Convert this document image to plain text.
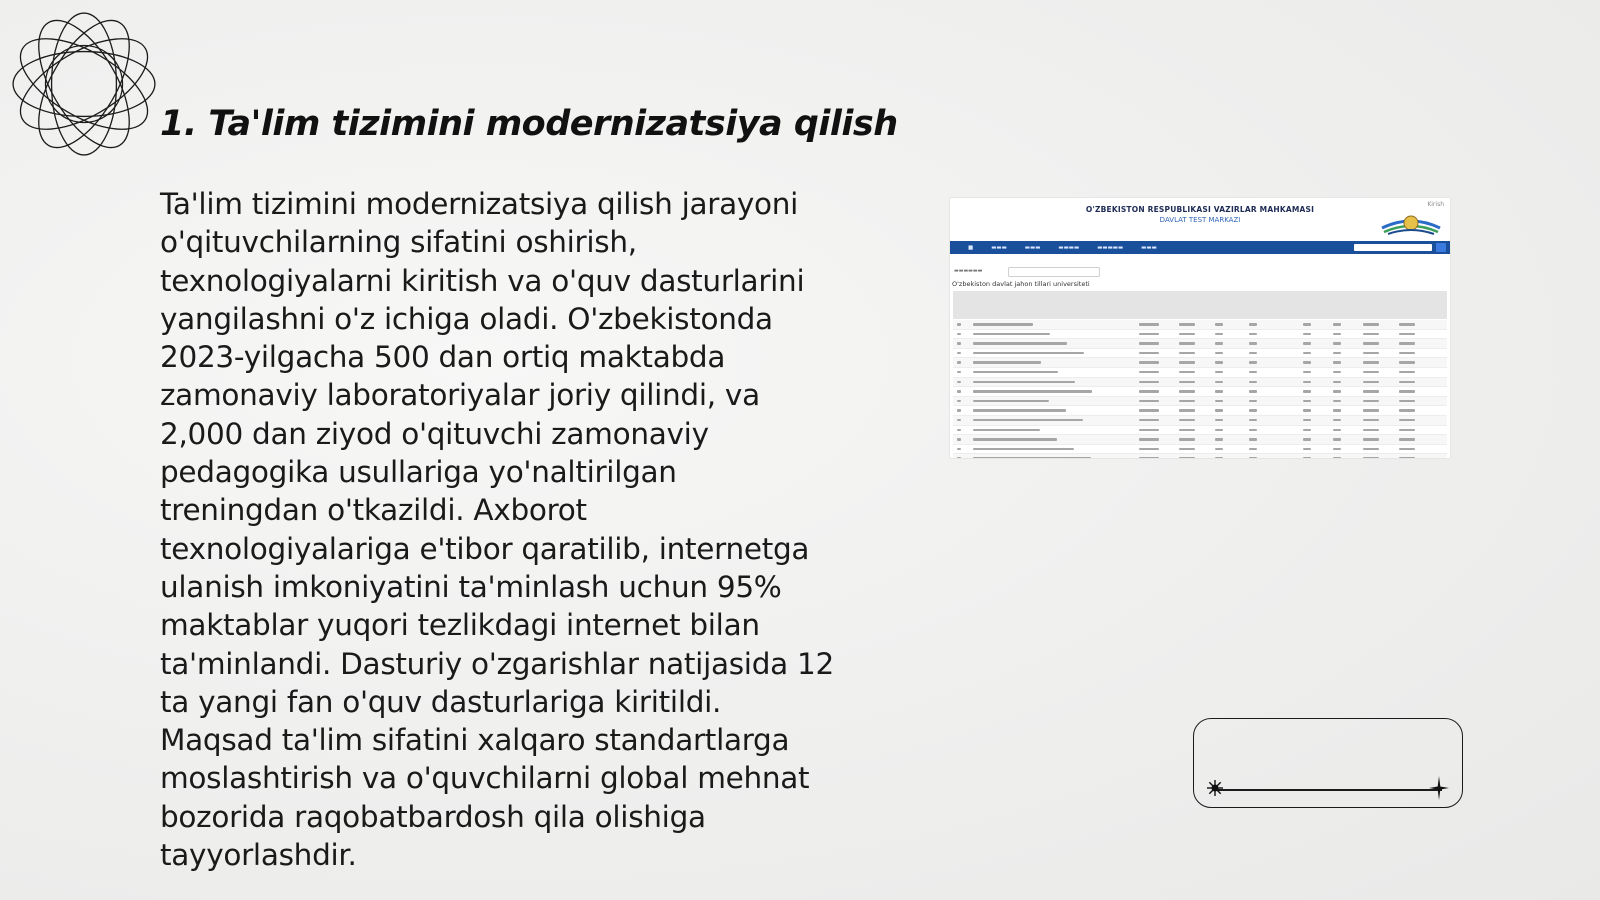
1. Ta'lim tizimini modernizatsiya qilish

Ta'lim tizimini modernizatsiya qilish jarayoni o'qituvchilarning sifatini oshirish, texnologiyalarni kiritish va o'quv dasturlarini yangilashni o'z ichiga oladi. O'zbekistonda 2023-yilgacha 500 dan ortiq maktabda zamonaviy laboratoriyalar joriy qilindi, va 2,000 dan ziyod o'qituvchi zamonaviy pedagogika usullariga yo'naltirilgan treningdan o'tkazildi. Axborot texnologiyalariga e'tibor qaratilib, internetga ulanish imkoniyatini ta'minlash uchun 95% maktablar yuqori tezlikdagi internet bilan ta'minlandi. Dasturiy o'zgarishlar natijasida 12 ta yangi fan o'quv dasturlariga kiritildi. Maqsad ta'lim sifatini xalqaro standartlarga moslashtirish va o'quvchilarni global mehnat bozorida raqobatbardosh qila olishiga tayyorlashdir.

O'ZBEKISTON RESPUBLIKASI VAZIRLAR MAHKAMASI
DAVLAT TEST MARKAZI
Kirish
■	▬▬▬	▬▬▬	▬▬▬▬	▬▬▬▬▬	▬▬▬
▬▬▬▬▬▬
O'zbekiston davlat jahon tillari universiteti
